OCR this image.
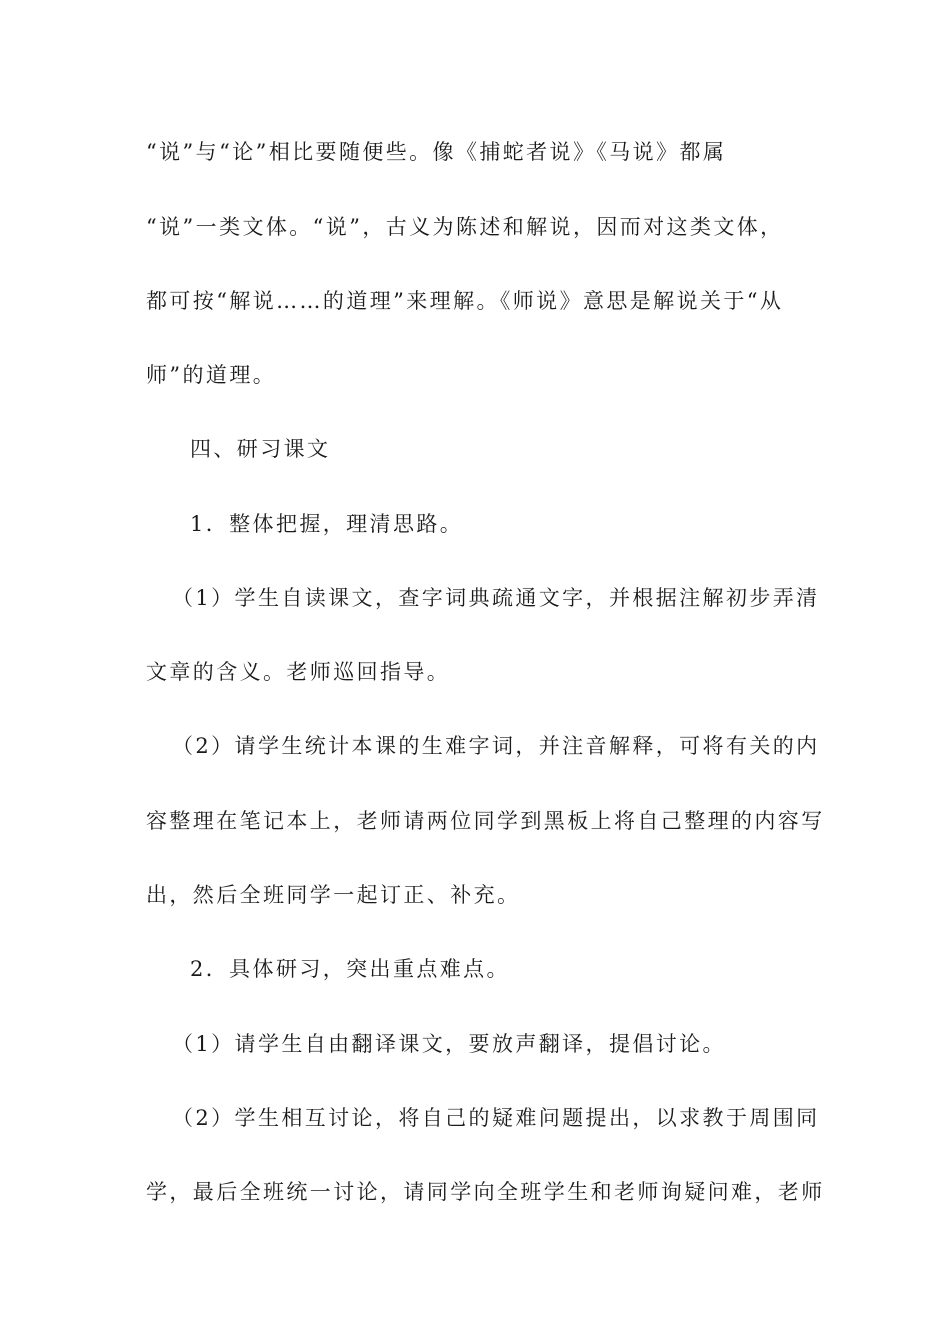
“说”与“论”相比要随便些。像《捕蛇者说》《马说》都属
“说”一类文体。“说”，古义为陈述和解说，因而对这类文体，
都可按“解说……的道理”来理解。《师说》意思是解说关于“从
师”的道理。
四、研习课文
1．整体把握，理清思路。
（1）学生自读课文，查字词典疏通文字，并根据注解初步弄清
文章的含义。老师巡回指导。
（2）请学生统计本课的生难字词，并注音解释，可将有关的内
容整理在笔记本上，老师请两位同学到黑板上将自己整理的内容写
出，然后全班同学一起订正、补充。
2．具体研习，突出重点难点。
（1）请学生自由翻译课文，要放声翻译，提倡讨论。
（2）学生相互讨论，将自己的疑难问题提出，以求教于周围同
学，最后全班统一讨论，请同学向全班学生和老师询疑问难，老师
